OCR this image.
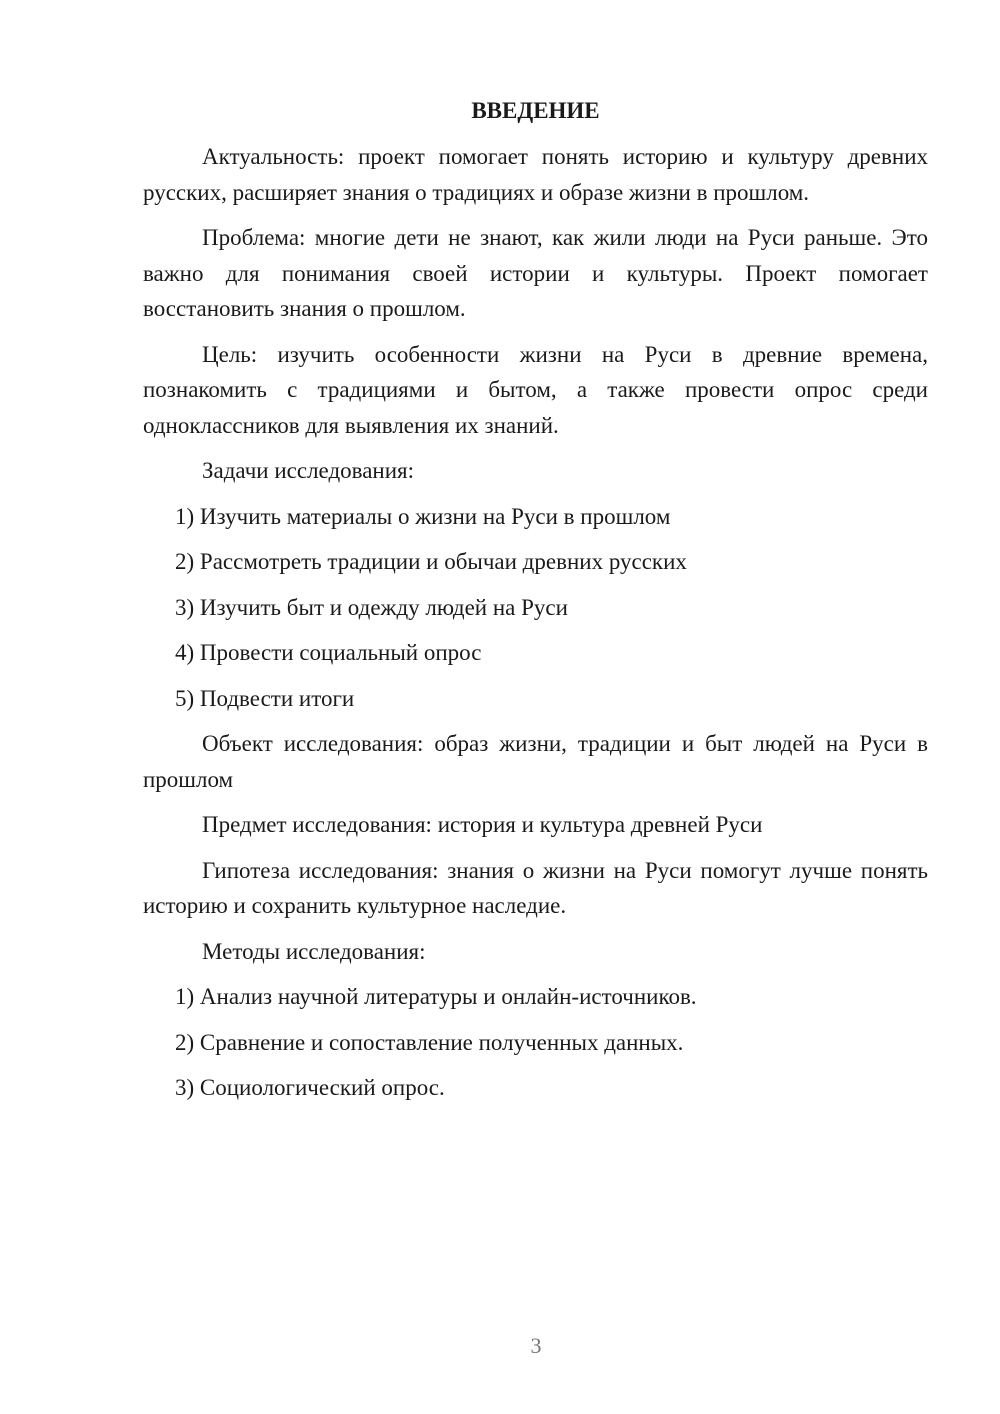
ВВЕДЕНИЕ

Актуальность: проект помогает понять историю и культуру древних русских, расширяет знания о традициях и образе жизни в прошлом.

Проблема: многие дети не знают, как жили люди на Руси раньше. Это важно для понимания своей истории и культуры. Проект помогает восстановить знания о прошлом.

Цель: изучить особенности жизни на Руси в древние времена, познакомить с традициями и бытом, а также провести опрос среди одноклассников для выявления их знаний.

Задачи исследования:

1) Изучить материалы о жизни на Руси в прошлом
2) Рассмотреть традиции и обычаи древних русских
3) Изучить быт и одежду людей на Руси
4) Провести социальный опрос
5) Подвести итоги

Объект исследования: образ жизни, традиции и быт людей на Руси в прошлом

Предмет исследования: история и культура древней Руси

Гипотеза исследования: знания о жизни на Руси помогут лучше понять историю и сохранить культурное наследие.

Методы исследования:

1) Анализ научной литературы и онлайн-источников.
2) Сравнение и сопоставление полученных данных.
3) Социологический опрос.
3
